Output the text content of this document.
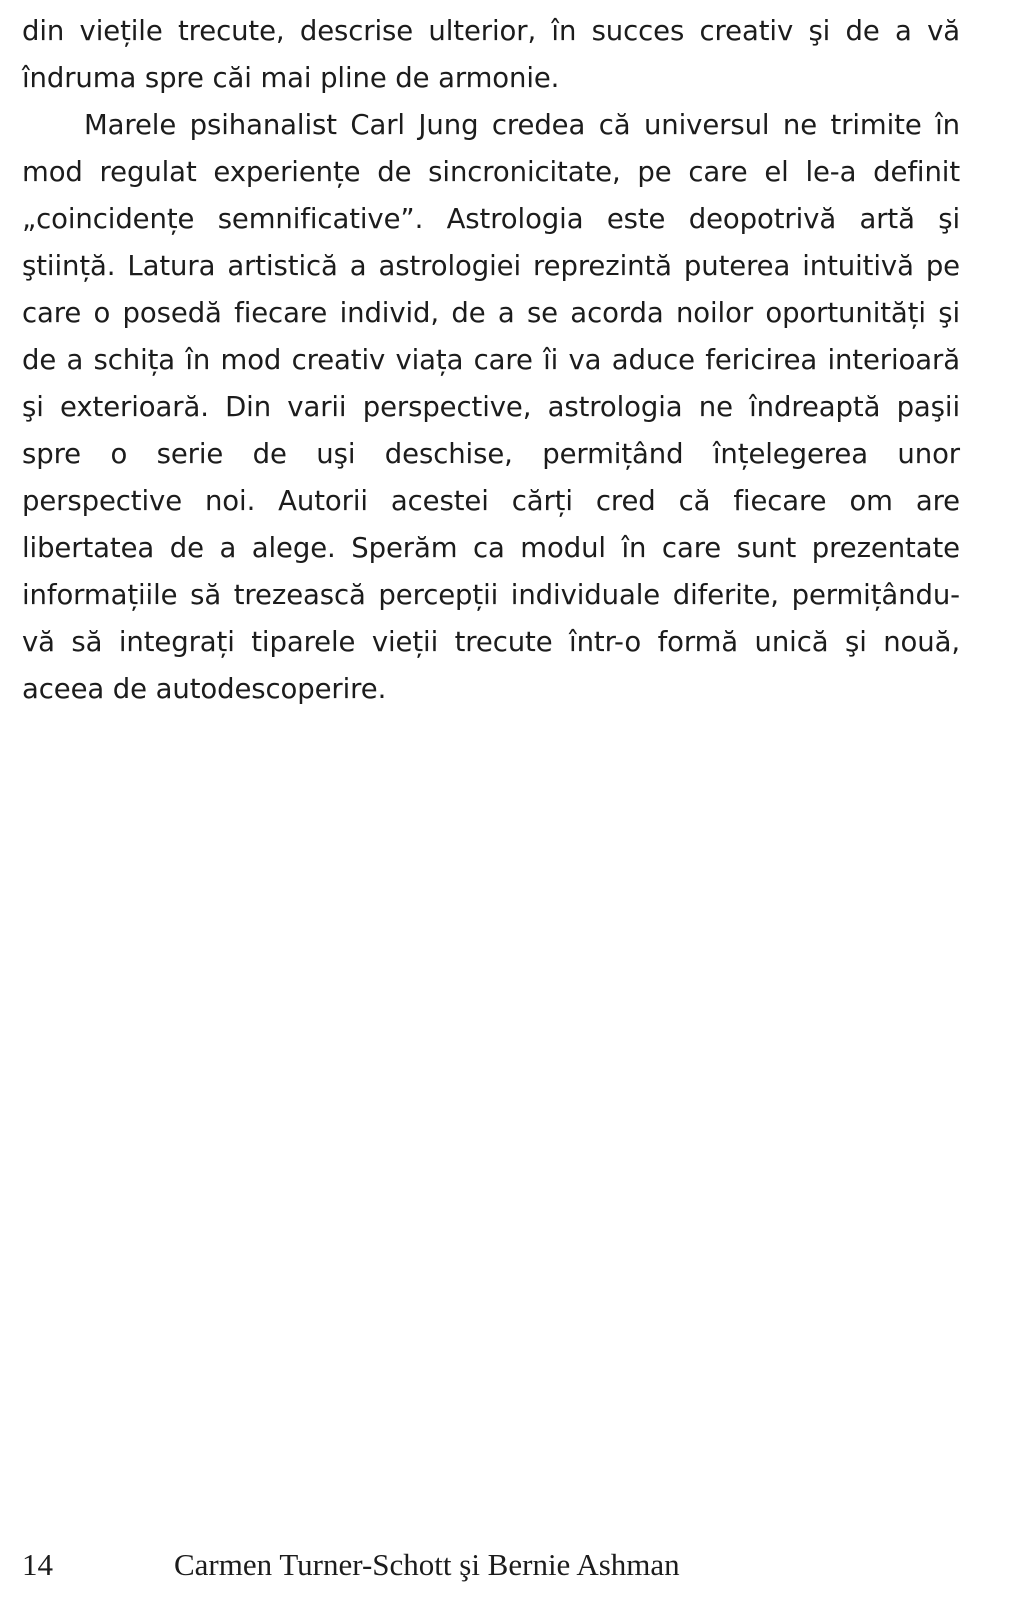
din viețile trecute, descrise ulterior, în succes creativ şi de a vă îndruma spre căi mai pline de armonie.

Marele psihanalist Carl Jung credea că universul ne trimite în mod regulat experiențe de sincronicitate, pe care el le-a definit „coincidențe semnificative”. Astrologia este deopotrivă artă şi ştiință. Latura artistică a astrologiei reprezintă puterea intuitivă pe care o posedă fiecare individ, de a se acorda noilor oportunități şi de a schița în mod creativ viața care îi va aduce fericirea interioară şi exterioară. Din varii perspective, astrologia ne îndreaptă paşii spre o serie de uşi deschise, permițând înțelegerea unor perspective noi. Autorii acestei cărți cred că fiecare om are libertatea de a alege. Sperăm ca modul în care sunt prezentate informațiile să trezească percepții individuale diferite, permițându-vă să integrați tiparele vieții trecute într-o formă unică şi nouă, aceea de autodescoperire.

14	Carmen Turner-Schott şi Bernie Ashman
